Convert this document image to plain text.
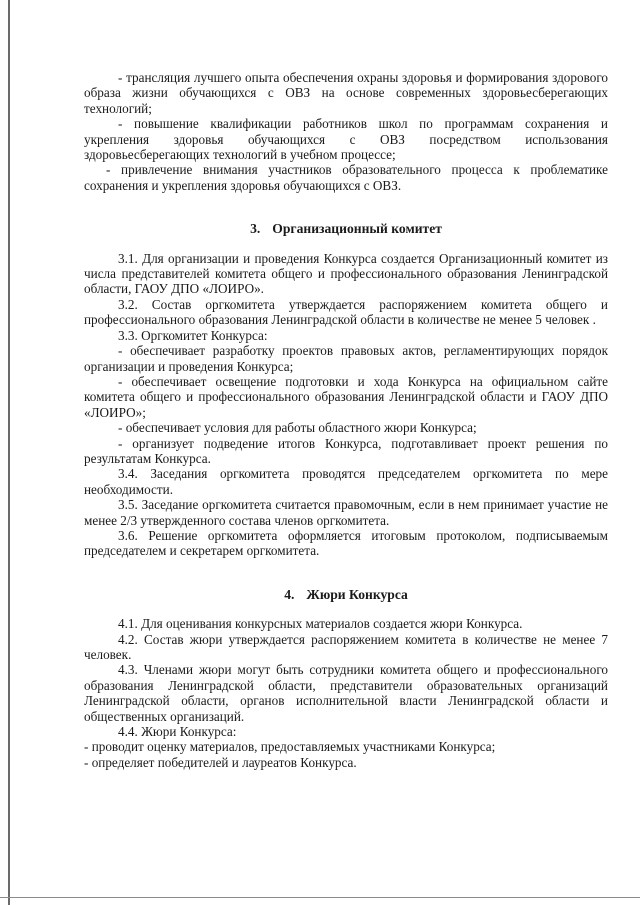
- трансляция лучшего опыта обеспечения охраны здоровья и формирования здорового образа жизни обучающихся с ОВЗ на основе современных здоровьесберегающих технологий;

- повышение квалификации работников школ по программам сохранения и укрепления здоровья обучающихся с ОВЗ посредством использования здоровьесберегающих технологий в учебном процессе;

- привлечение внимания участников образовательного процесса к проблематике сохранения и укрепления здоровья обучающихся с ОВЗ.

3. Организационный комитет

3.1. Для организации и проведения Конкурса создается Организационный комитет из числа представителей комитета общего и профессионального образования Ленинградской области, ГАОУ ДПО «ЛОИРО».

3.2. Состав оргкомитета утверждается распоряжением комитета общего и профессионального образования Ленинградской области в количестве не менее 5 человек .

3.3. Оргкомитет Конкурса:

- обеспечивает разработку проектов правовых актов, регламентирующих порядок организации и проведения Конкурса;

- обеспечивает освещение подготовки и хода Конкурса на официальном сайте комитета общего и профессионального образования Ленинградской области и ГАОУ ДПО «ЛОИРО»;

- обеспечивает условия для работы областного жюри Конкурса;

- организует подведение итогов Конкурса, подготавливает проект решения по результатам Конкурса.

3.4. Заседания оргкомитета проводятся председателем оргкомитета по мере необходимости.

3.5. Заседание оргкомитета считается правомочным, если в нем принимает участие не менее 2/3 утвержденного состава членов оргкомитета.

3.6. Решение оргкомитета оформляется итоговым протоколом, подписываемым председателем и секретарем оргкомитета.

4. Жюри Конкурса

4.1. Для оценивания конкурсных материалов создается жюри Конкурса.

4.2. Состав жюри утверждается распоряжением комитета в количестве не менее 7 человек.

4.3. Членами жюри могут быть сотрудники комитета общего и профессионального образования Ленинградской области, представители образовательных организаций Ленинградской области, органов исполнительной власти Ленинградской области и общественных организаций.

4.4. Жюри Конкурса:

- проводит оценку материалов, предоставляемых участниками Конкурса;

- определяет победителей и лауреатов Конкурса.
